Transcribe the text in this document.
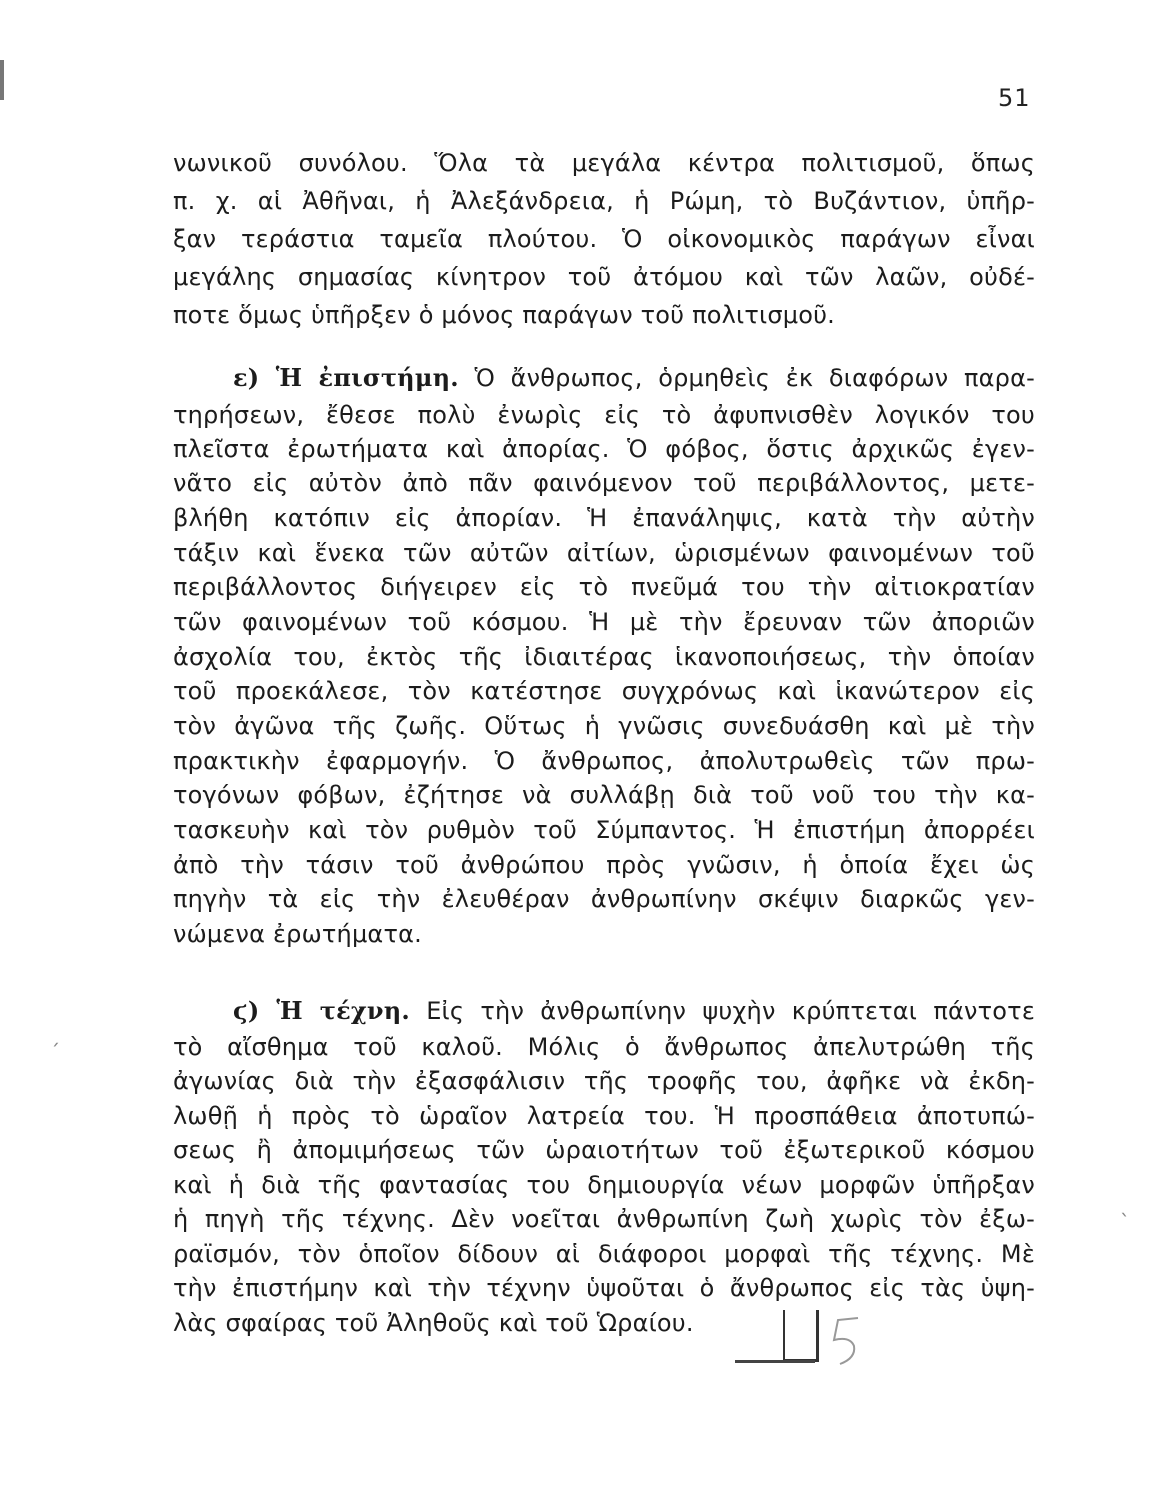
51
νωνικοῦ συνόλου. Ὅλα τὰ μεγάλα κέντρα πολιτισμοῦ, ὅπως
π. χ. αἱ Ἀθῆναι, ἡ Ἀλεξάνδρεια, ἡ Ρώμη, τὸ Βυζάντιον, ὑπῆρ-
ξαν τεράστια ταμεῖα πλούτου. Ὁ οἰκονομικὸς παράγων εἶναι
μεγάλης σημασίας κίνητρον τοῦ ἀτόμου καὶ τῶν λαῶν, οὐδέ-
ποτε ὅμως ὑπῆρξεν ὁ μόνος παράγων τοῦ πολιτισμοῦ.
ε) Ἡ ἐπιστήμη. Ὁ ἄνθρωπος, ὁρμηθεὶς ἐκ διαφόρων παρα-
τηρήσεων, ἔθεσε πολὺ ἐνωρὶς εἰς τὸ ἀφυπνισθὲν λογικόν του
πλεῖστα ἐρωτήματα καὶ ἀπορίας. Ὁ φόβος, ὅστις ἀρχικῶς ἐγεν-
νᾶτο εἰς αὐτὸν ἀπὸ πᾶν φαινόμενον τοῦ περιβάλλοντος, μετε-
βλήθη κατόπιν εἰς ἀπορίαν. Ἡ ἐπανάληψις, κατὰ τὴν αὐτὴν
τάξιν καὶ ἕνεκα τῶν αὐτῶν αἰτίων, ὡρισμένων φαινομένων τοῦ
περιβάλλοντος διήγειρεν εἰς τὸ πνεῦμά του τὴν αἰτιοκρατίαν
τῶν φαινομένων τοῦ κόσμου. Ἡ μὲ τὴν ἔρευναν τῶν ἀποριῶν
ἀσχολία του, ἐκτὸς τῆς ἰδιαιτέρας ἱκανοποιήσεως, τὴν ὁποίαν
τοῦ προεκάλεσε, τὸν κατέστησε συγχρόνως καὶ ἱκανώτερον εἰς
τὸν ἀγῶνα τῆς ζωῆς. Οὕτως ἡ γνῶσις συνεδυάσθη καὶ μὲ τὴν
πρακτικὴν ἐφαρμογήν. Ὁ ἄνθρωπος, ἀπολυτρωθεὶς τῶν πρω-
τογόνων φόβων, ἐζήτησε νὰ συλλάβῃ διὰ τοῦ νοῦ του τὴν κα-
τασκευὴν καὶ τὸν ρυθμὸν τοῦ Σύμπαντος. Ἡ ἐπιστήμη ἀπορρέει
ἀπὸ τὴν τάσιν τοῦ ἀνθρώπου πρὸς γνῶσιν, ἡ ὁποία ἔχει ὡς
πηγὴν τὰ εἰς τὴν ἐλευθέραν ἀνθρωπίνην σκέψιν διαρκῶς γεν-
νώμενα ἐρωτήματα.
ϛ) Ἡ τέχνη. Εἰς τὴν ἀνθρωπίνην ψυχὴν κρύπτεται πάντοτε
τὸ αἴσθημα τοῦ καλοῦ. Μόλις ὁ ἄνθρωπος ἀπελυτρώθη τῆς
ἀγωνίας διὰ τὴν ἐξασφάλισιν τῆς τροφῆς του, ἀφῆκε νὰ ἐκδη-
λωθῇ ἡ πρὸς τὸ ὡραῖον λατρεία του. Ἡ προσπάθεια ἀποτυπώ-
σεως ἢ ἀπομιμήσεως τῶν ὡραιοτήτων τοῦ ἐξωτερικοῦ κόσμου
καὶ ἡ διὰ τῆς φαντασίας του δημιουργία νέων μορφῶν ὑπῆρξαν
ἡ πηγὴ τῆς τέχνης. Δὲν νοεῖται ἀνθρωπίνη ζωὴ χωρὶς τὸν ἐξω-
ραϊσμόν, τὸν ὁποῖον δίδουν αἱ διάφοροι μορφαὶ τῆς τέχνης. Μὲ
τὴν ἐπιστήμην καὶ τὴν τέχνην ὑψοῦται ὁ ἄνθρωπος εἰς τὰς ὑψη-
λὰς σφαίρας τοῦ Ἀληθοῦς καὶ τοῦ Ὡραίου.
ˊ
ˋ
